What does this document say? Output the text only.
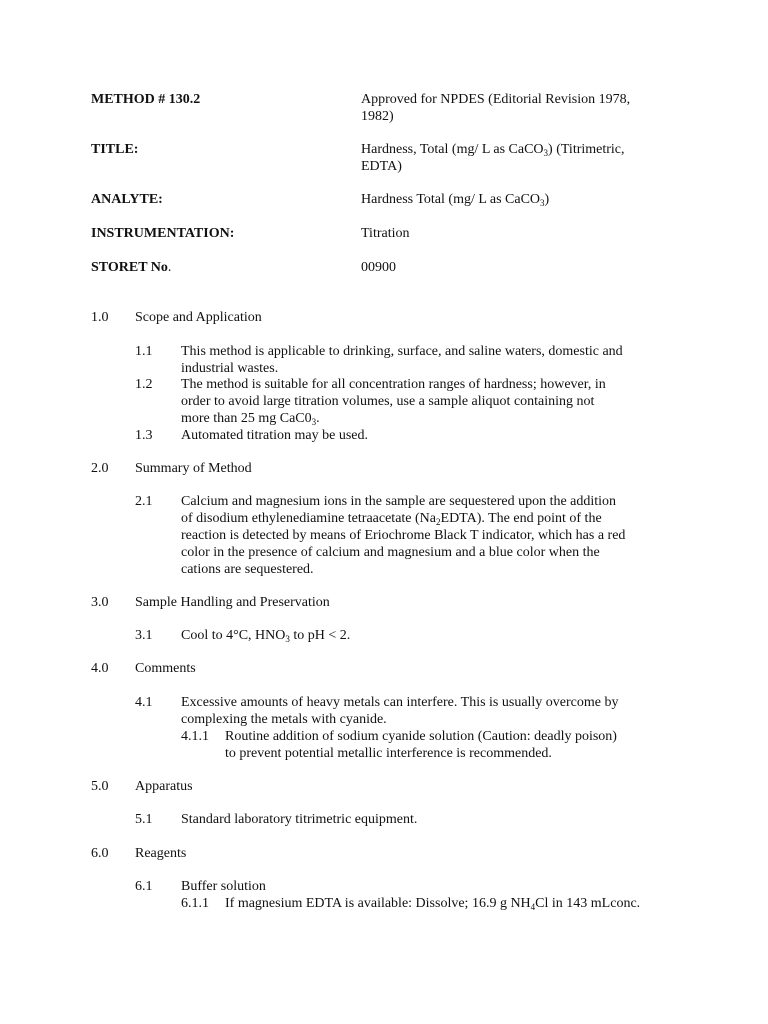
METHOD # 130.2	Approved for NPDES (Editorial Revision 1978,
1982)
TITLE:	Hardness, Total (mg/ L as CaCO$_3$) (Titrimetric,
EDTA)
ANALYTE:	Hardness Total (mg/ L as CaCO$_3$)
INSTRUMENTATION:	Titration
STORET No.	00900
1.0 Scope and Application
1.1 This method is applicable to drinking, surface, and saline waters, domestic and
industrial wastes.
1.2 The method is suitable for all concentration ranges of hardness; however, in
order to avoid large titration volumes, use a sample aliquot containing not
more than 25 mg $CaC0_3$.
1.3 Automated titration may be used.
2.0 Summary of Method
2.1 Calcium and magnesium ions in the sample are sequestered upon the addition
of disodium ethylenediamine tetraacetate $(Na_2EDTA)$. The end point of the
reaction is detected by means of Eriochrome Black T indicator, which has a red
color in the presence of calcium and magnesium and a blue color when the
cations are sequestered.
3.0 Sample Handling and Preservation
3.1 Cool to 4°C, $HNO_3$ to pH < 2.
4.0 Comments
4.1 Excessive amounts of heavy metals can interfere. This is usually overcome by
complexing the metals with cyanide.
4.1.1 Routine addition of sodium cyanide solution (Caution: deadly poison)
to prevent potential metallic interference is recommended.
5.0 Apparatus
5.1 Standard laboratory titrimetric equipment.
6.0 Reagents
6.1 Buffer solution
6.1.1 If magnesium EDTA is available: Dissolve; 16.9 g $NH_4Cl$ in 143 mLconc.
